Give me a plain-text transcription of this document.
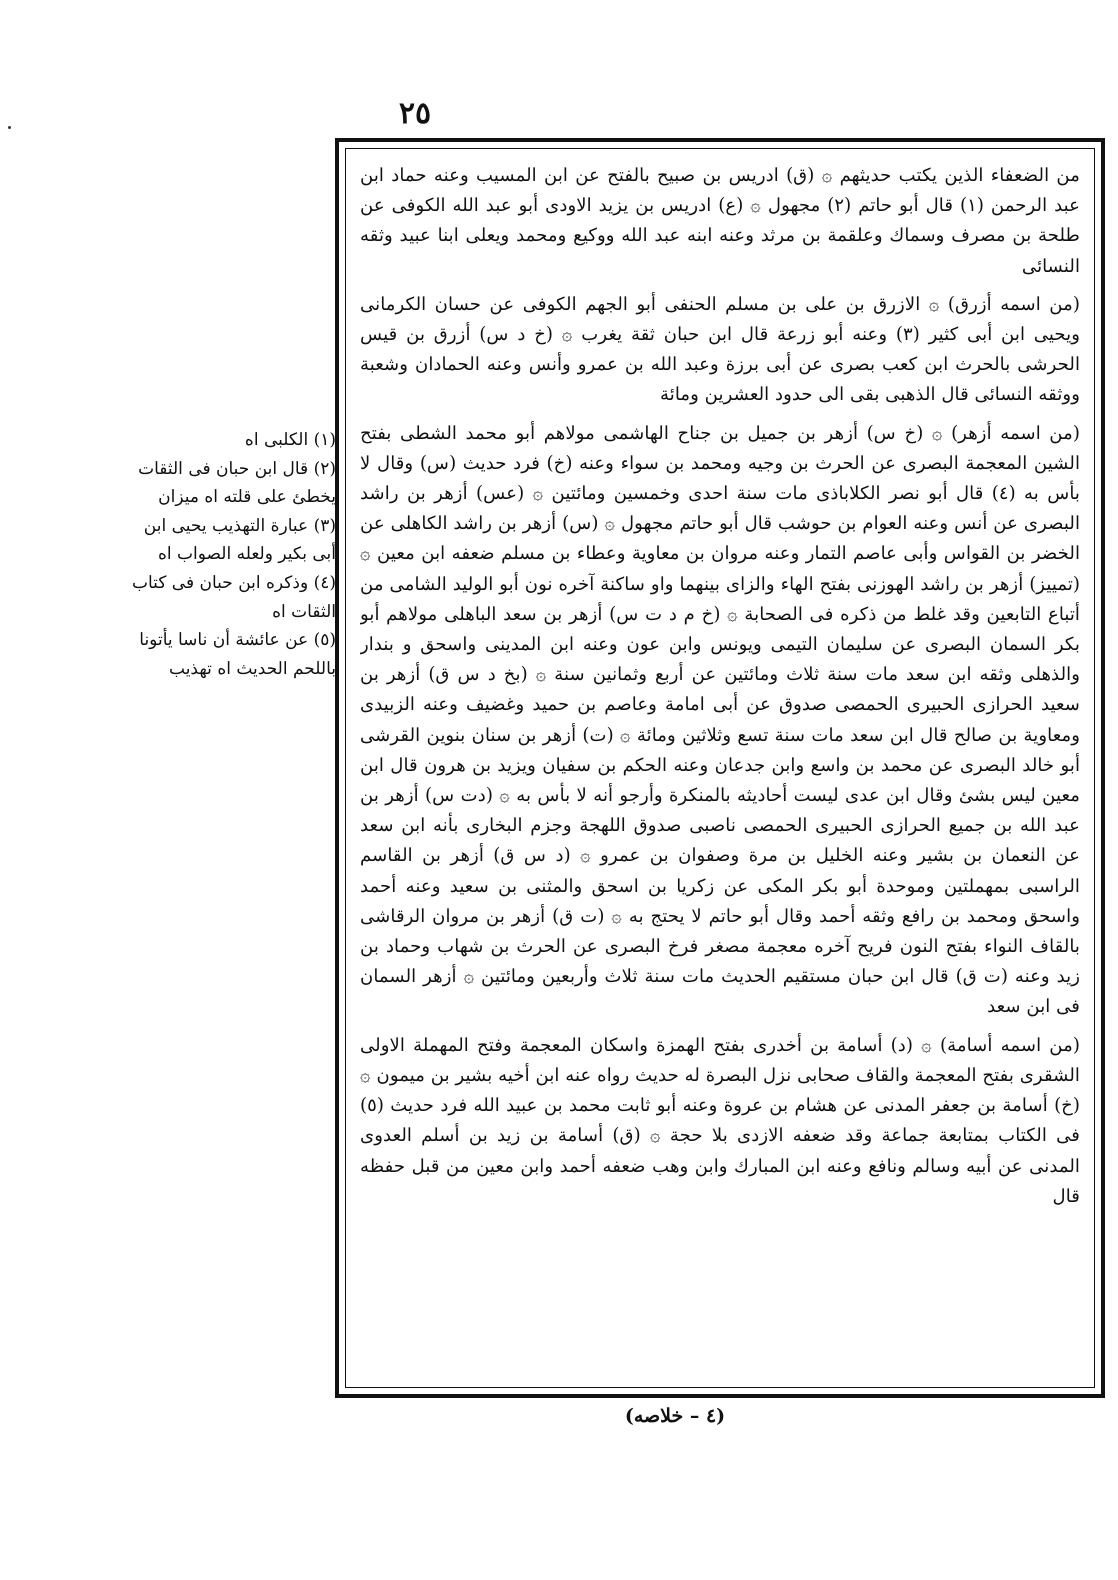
٢٥

من الضعفاء الذين يكتب حديثهم ۞ (ق) ادريس بن صبيح بالفتح عن ابن المسيب وعنه حماد ابن عبد الرحمن (١) قال أبو حاتم (٢) مجهول ۞ (ع) ادريس بن يزيد الاودى أبو عبد الله الكوفى عن طلحة بن مصرف وسماك وعلقمة بن مرثد وعنه ابنه عبد الله ووكيع ومحمد ويعلى ابنا عبيد وثقه النسائى

(من اسمه أزرق) ۞ الازرق بن على بن مسلم الحنفى أبو الجهم الكوفى عن حسان الكرمانى ويحيى ابن أبى كثير (٣) وعنه أبو زرعة قال ابن حبان ثقة يغرب ۞ (خ د س) أزرق بن قيس الحرشى بالحرث ابن كعب بصرى عن أبى برزة وعبد الله بن عمرو وأنس وعنه الحمادان وشعبة ووثقه النسائى قال الذهبى بقى الى حدود العشرين ومائة

(من اسمه أزهر) ۞ (خ س) أزهر بن جميل بن جناح الهاشمى مولاهم أبو محمد الشطى بفتح الشين المعجمة البصرى عن الحرث بن وجيه ومحمد بن سواء وعنه (خ) فرد حديث (س) وقال لا بأس به (٤) قال أبو نصر الكلاباذى مات سنة احدى وخمسين ومائتين ۞ (عس) أزهر بن راشد البصرى عن أنس وعنه العوام بن حوشب قال أبو حاتم مجهول ۞ (س) أزهر بن راشد الكاهلى عن الخضر بن القواس وأبى عاصم التمار وعنه مروان بن معاوية وعطاء بن مسلم ضعفه ابن معين ۞ (تمييز) أزهر بن راشد الهوزنى بفتح الهاء والزاى بينهما واو ساكنة آخره نون أبو الوليد الشامى من أتباع التابعين وقد غلط من ذكره فى الصحابة ۞ (خ م د ت س) أزهر بن سعد الباهلى مولاهم أبو بكر السمان البصرى عن سليمان التيمى ويونس وابن عون وعنه ابن المدينى واسحق و بندار والذهلى وثقه ابن سعد مات سنة ثلاث ومائتين عن أربع وثمانين سنة ۞ (بخ د س ق) أزهر بن سعيد الحرازى الحبيرى الحمصى صدوق عن أبى امامة وعاصم بن حميد وغضيف وعنه الزبيدى ومعاوية بن صالح قال ابن سعد مات سنة تسع وثلاثين ومائة ۞ (ت) أزهر بن سنان بنوين القرشى أبو خالد البصرى عن محمد بن واسع وابن جدعان وعنه الحكم بن سفيان ويزيد بن هرون قال ابن معين ليس بشئ وقال ابن عدى ليست أحاديثه بالمنكرة وأرجو أنه لا بأس به ۞ (دت س) أزهر بن عبد الله بن جميع الحرازى الحبيرى الحمصى ناصبى صدوق اللهجة وجزم البخارى بأنه ابن سعد عن النعمان بن بشير وعنه الخليل بن مرة وصفوان بن عمرو ۞ (د س ق) أزهر بن القاسم الراسبى بمهملتين وموحدة أبو بكر المكى عن زكريا بن اسحق والمثنى بن سعيد وعنه أحمد واسحق ومحمد بن رافع وثقه أحمد وقال أبو حاتم لا يحتج به ۞ (ت ق) أزهر بن مروان الرقاشى بالقاف النواء بفتح النون فريح آخره معجمة مصغر فرخ البصرى عن الحرث بن شهاب وحماد بن زيد وعنه (ت ق) قال ابن حبان مستقيم الحديث مات سنة ثلاث وأربعين ومائتين ۞ أزهر السمان فى ابن سعد

(من اسمه أسامة) ۞ (د) أسامة بن أخدرى بفتح الهمزة واسكان المعجمة وفتح المهملة الاولى الشقرى بفتح المعجمة والقاف صحابى نزل البصرة له حديث رواه عنه ابن أخيه بشير بن ميمون ۞ (خ) أسامة بن جعفر المدنى عن هشام بن عروة وعنه أبو ثابت محمد بن عبيد الله فرد حديث (٥) فى الكتاب بمتابعة جماعة وقد ضعفه الازدى بلا حجة ۞ (ق) أسامة بن زيد بن أسلم العدوى المدنى عن أبيه وسالم ونافع وعنه ابن المبارك وابن وهب ضعفه أحمد وابن معين من قبل حفظه قال

(١) الكلبى اه

(٢) قال ابن حبان فى الثقات يخطئ على قلته اه ميزان

(٣) عبارة التهذيب يحيى ابن أبى بكير ولعله الصواب اه

(٤) وذكره ابن حبان فى كتاب الثقات اه

(٥) عن عائشة أن ناسا يأتونا باللحم الحديث اه تهذيب

(٤ – خلاصه)
